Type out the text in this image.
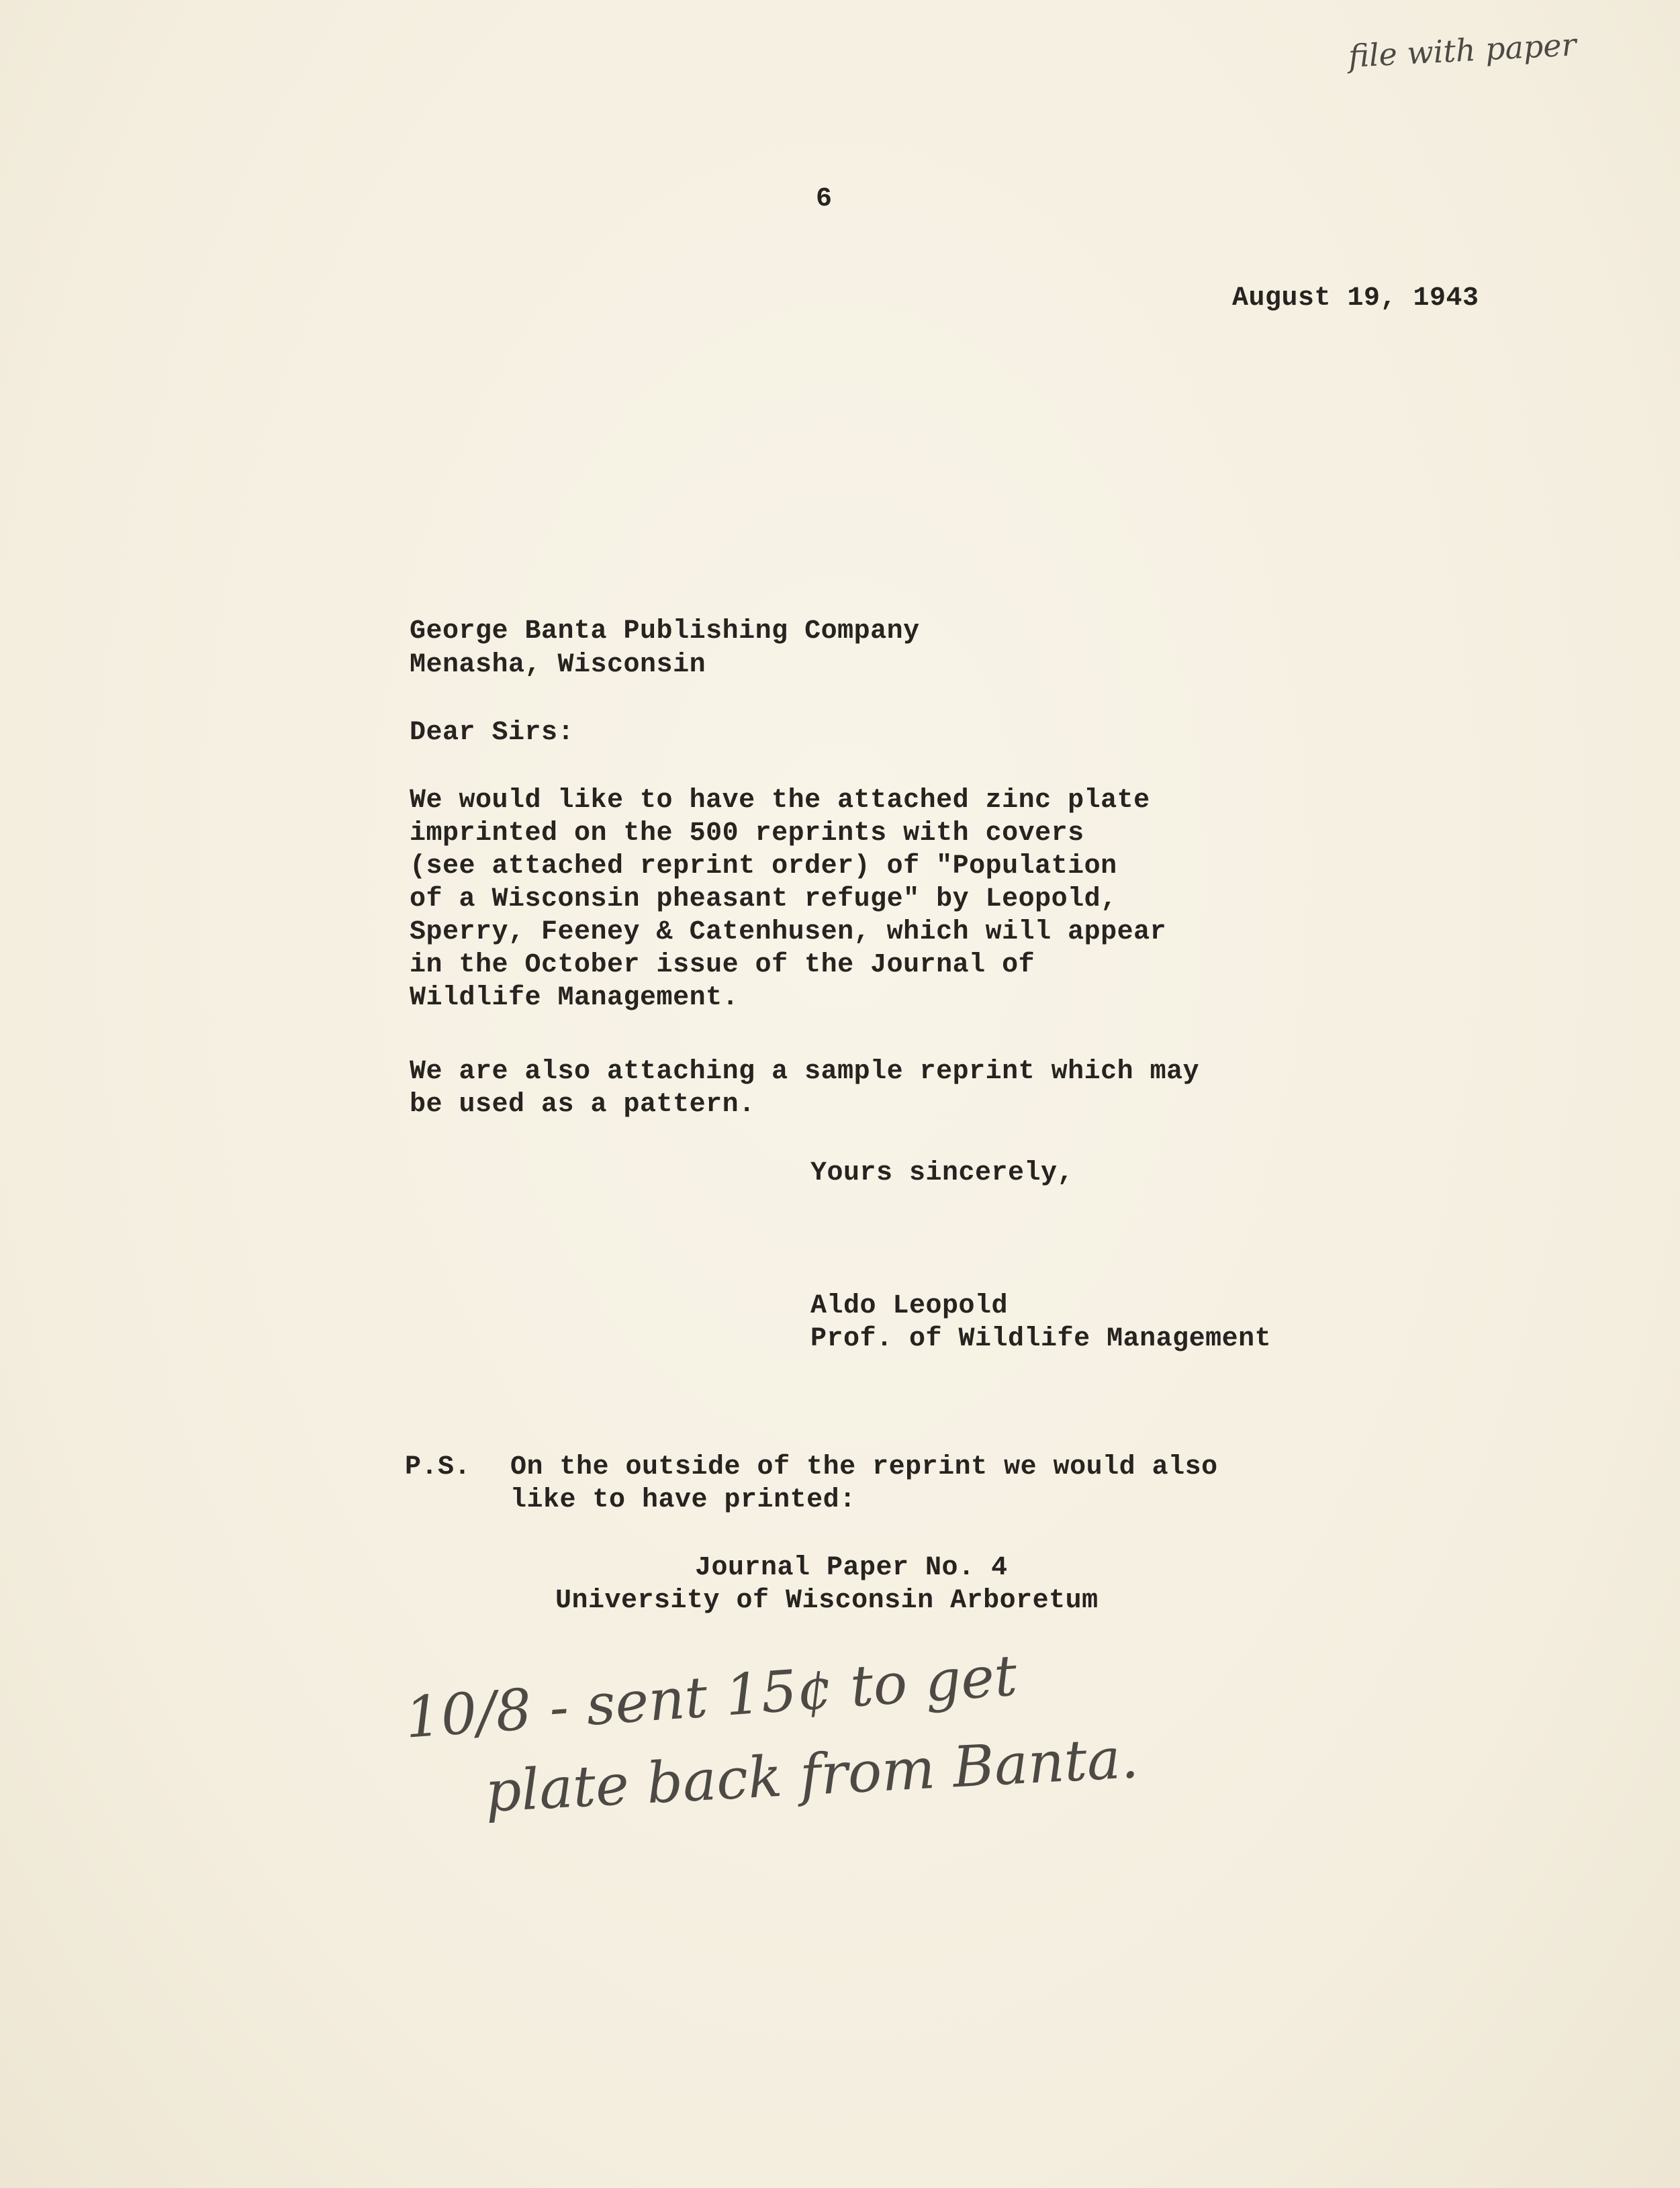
file with paper
6
August 19, 1943
George Banta Publishing Company
Menasha, Wisconsin
Dear Sirs:
We would like to have the attached zinc plate
imprinted on the 500 reprints with covers
(see attached reprint order) of "Population
of a Wisconsin pheasant refuge" by Leopold,
Sperry, Feeney & Catenhusen, which will appear
in the October issue of the Journal of
Wildlife Management.
We are also attaching a sample reprint which may
be used as a pattern.
Yours sincerely,
Aldo Leopold
Prof. of Wildlife Management
P.S. On the outside of the reprint we would also
like to have printed:
Journal Paper No. 4
University of Wisconsin Arboretum
10/8 - sent 15¢ to get
plate back from Banta.
